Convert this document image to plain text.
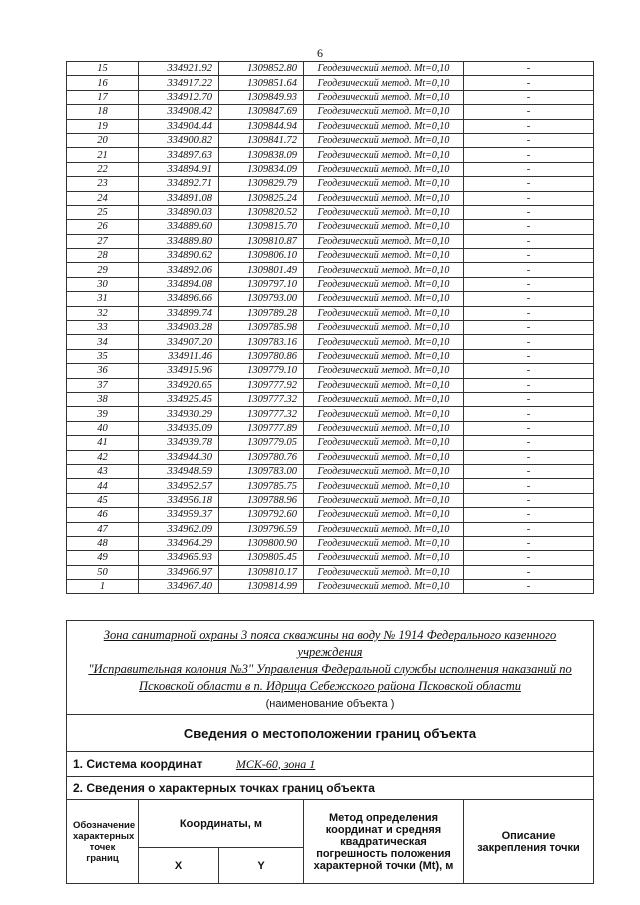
6
15	334921.92	1309852.80	Геодезический метод. Mt=0,10	-
16	334917.22	1309851.64	Геодезический метод. Mt=0,10	-
17	334912.70	1309849.93	Геодезический метод. Mt=0,10	-
18	334908.42	1309847.69	Геодезический метод. Mt=0,10	-
19	334904.44	1309844.94	Геодезический метод. Mt=0,10	-
20	334900.82	1309841.72	Геодезический метод. Mt=0,10	-
21	334897.63	1309838.09	Геодезический метод. Mt=0,10	-
22	334894.91	1309834.09	Геодезический метод. Mt=0,10	-
23	334892.71	1309829.79	Геодезический метод. Mt=0,10	-
24	334891.08	1309825.24	Геодезический метод. Mt=0,10	-
25	334890.03	1309820.52	Геодезический метод. Mt=0,10	-
26	334889.60	1309815.70	Геодезический метод. Mt=0,10	-
27	334889.80	1309810.87	Геодезический метод. Mt=0,10	-
28	334890.62	1309806.10	Геодезический метод. Mt=0,10	-
29	334892.06	1309801.49	Геодезический метод. Mt=0,10	-
30	334894.08	1309797.10	Геодезический метод. Mt=0,10	-
31	334896.66	1309793.00	Геодезический метод. Mt=0,10	-
32	334899.74	1309789.28	Геодезический метод. Mt=0,10	-
33	334903.28	1309785.98	Геодезический метод. Mt=0,10	-
34	334907.20	1309783.16	Геодезический метод. Mt=0,10	-
35	334911.46	1309780.86	Геодезический метод. Mt=0,10	-
36	334915.96	1309779.10	Геодезический метод. Mt=0,10	-
37	334920.65	1309777.92	Геодезический метод. Mt=0,10	-
38	334925.45	1309777.32	Геодезический метод. Mt=0,10	-
39	334930.29	1309777.32	Геодезический метод. Mt=0,10	-
40	334935.09	1309777.89	Геодезический метод. Mt=0,10	-
41	334939.78	1309779.05	Геодезический метод. Mt=0,10	-
42	334944.30	1309780.76	Геодезический метод. Mt=0,10	-
43	334948.59	1309783.00	Геодезический метод. Mt=0,10	-
44	334952.57	1309785.75	Геодезический метод. Mt=0,10	-
45	334956.18	1309788.96	Геодезический метод. Mt=0,10	-
46	334959.37	1309792.60	Геодезический метод. Mt=0,10	-
47	334962.09	1309796.59	Геодезический метод. Mt=0,10	-
48	334964.29	1309800.90	Геодезический метод. Mt=0,10	-
49	334965.93	1309805.45	Геодезический метод. Mt=0,10	-
50	334966.97	1309810.17	Геодезический метод. Mt=0,10	-
1	334967.40	1309814.99	Геодезический метод. Mt=0,10	-
Зона санитарной охраны 3 пояса скважины на воду № 1914 Федерального казенного учреждения
"Исправительная колония №3" Управления Федеральной службы исполнения наказаний по
Псковской области в п. Идрица Себежского района Псковской области
(наименование объекта )				

Сведения о местоположении границ объекта				
1. Система координат МСК-60, зона 1				
2. Сведения о характерных точках границ объекта				
Обозначение характерных точек границ	Координаты, м		Метод определения координат и средняя квадратическая погрешность положения характерной точки (Mt), м	Описание закрепления точки
	X	Y		
